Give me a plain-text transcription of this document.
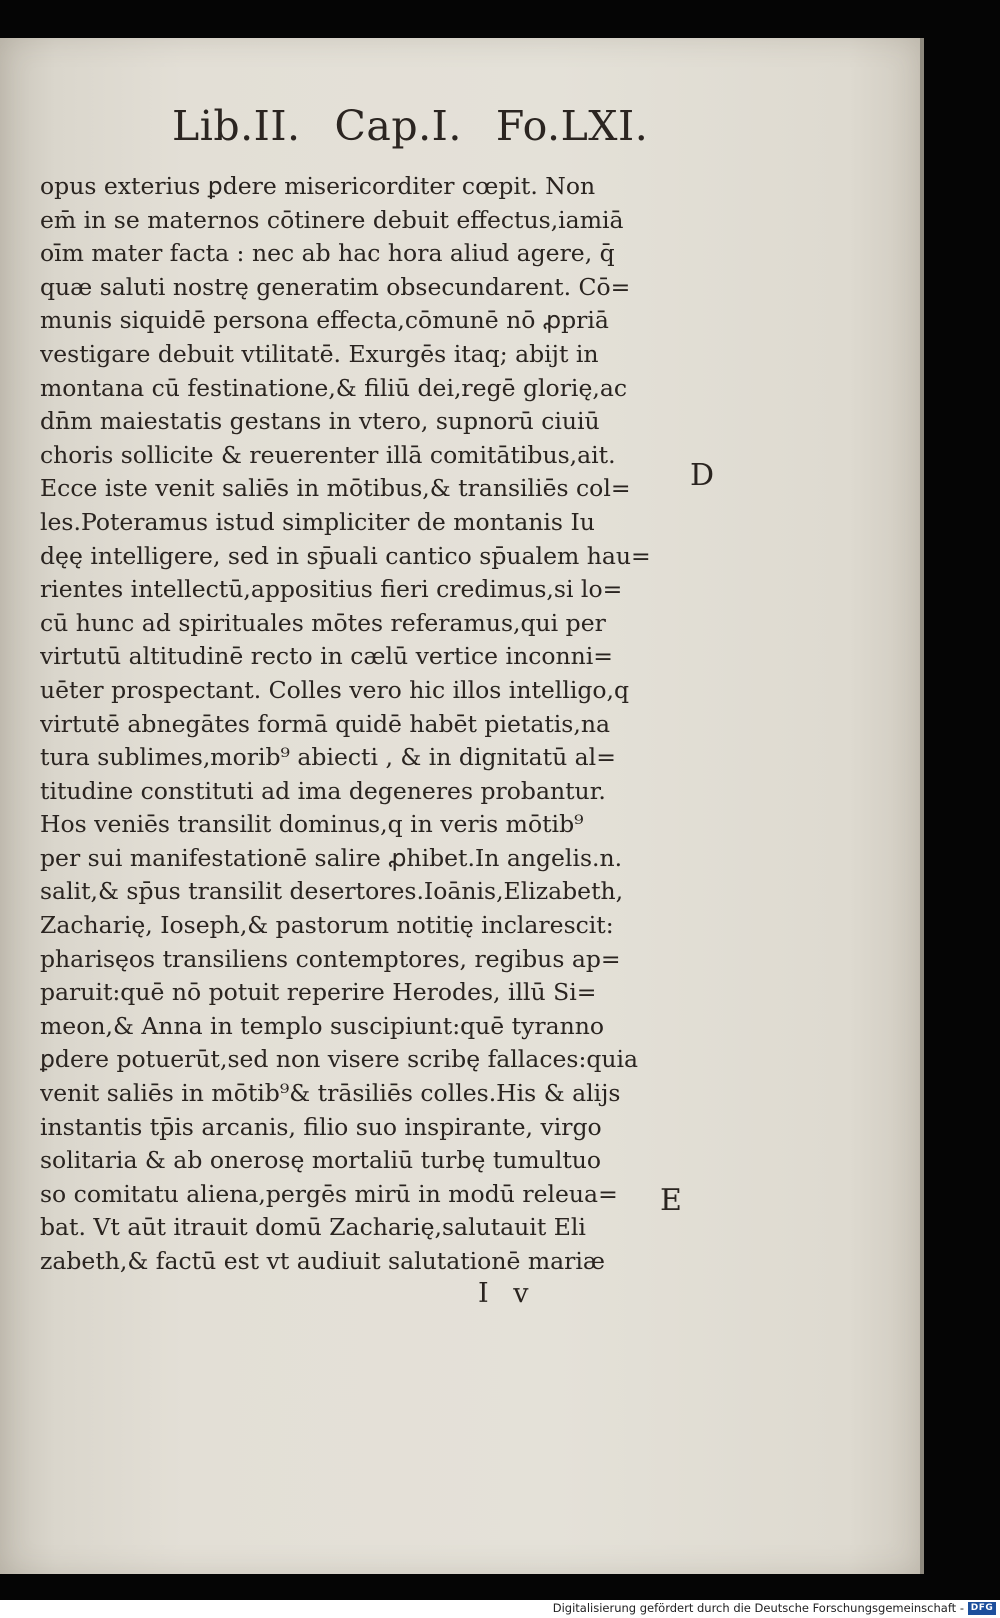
Lib.II. Cap.I. Fo.LXI.
opus exterius ꝑdere misericorditer cœpit. Non
em̄ in se maternos cōtinere debuit effectus,iamiā
oīm mater facta : nec ab hac hora aliud agere, q̄
quæ saluti nostrę generatim obsecundarent. Cō=
munis siquidē persona effecta,cōmunē nō ꝓpriā
vestigare debuit vtilitatē. Exurgēs itaq; abijt in
montana cū festinatione,& filiū dei,regē glorię,ac
dn̄m maiestatis gestans in vtero, supnorū ciuiū
choris sollicite & reuerenter illā comitātibus,ait.
Ecce iste venit saliēs in mōtibus,& transiliēs col=
les.Poteramus istud simpliciter de montanis Iu
dęę intelligere, sed in sp̄uali cantico sp̄ualem hau=
rientes intellectū,appositius fieri credimus,si lo=
cū hunc ad spirituales mōtes referamus,qui per
virtutū altitudinē recto in cælū vertice inconni=
uēter prospectant. Colles vero hic illos intelligo,q
virtutē abnegātes formā quidē habēt pietatis,na
tura sublimes,morib⁹ abiecti , & in dignitatū al=
titudine constituti ad ima degeneres probantur.
Hos veniēs transilit dominus,q in veris mōtib⁹
per sui manifestationē salire ꝓhibet.In angelis.n.
salit,& sp̄us transilit desertores.Ioānis,Elizabeth,
Zacharię, Ioseph,& pastorum notitię inclarescit:
pharisęos transiliens contemptores, regibus ap=
paruit:quē nō potuit reperire Herodes, illū Si=
meon,& Anna in templo suscipiunt:quē tyranno
ꝑdere potuerūt,sed non visere scribę fallaces:quia
venit saliēs in mōtib⁹& trāsiliēs colles.His & alijs
instantis tp̄is arcanis, filio suo inspirante, virgo
solitaria & ab onerosę mortaliū turbę tumultuo
so comitatu aliena,pergēs mirū in modū releua=
bat. Vt aūt itrauit domū Zacharię,salutauit Eli
zabeth,& factū est vt audiuit salutationē mariæ
D
E
I v
Digitalisierung gefördert durch die Deutsche Forschungsgemeinschaft - DFG
